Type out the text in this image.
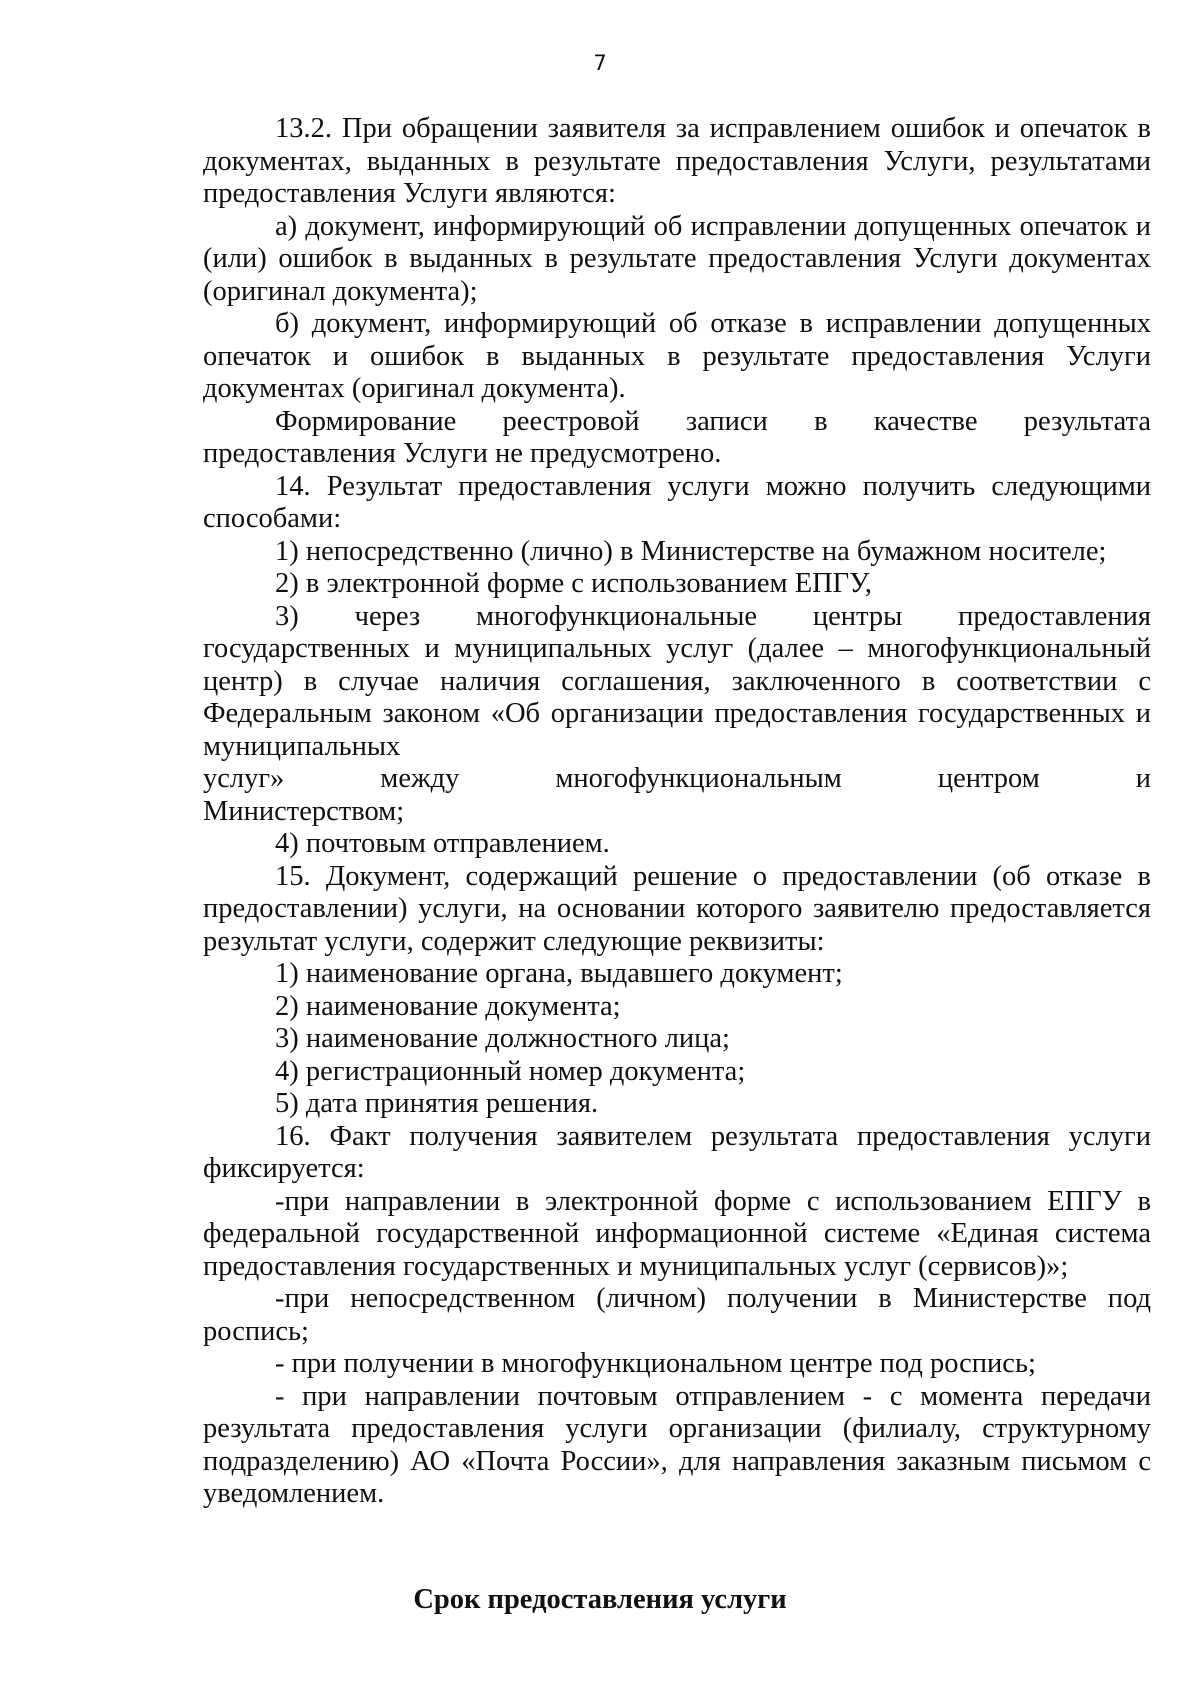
7

13.2. При обращении заявителя за исправлением ошибок и опечаток в документах, выданных в результате предоставления Услуги, результатами предоставления Услуги являются:

а) документ, информирующий об исправлении допущенных опечаток и (или) ошибок в выданных в результате предоставления Услуги документах (оригинал документа);

б) документ, информирующий об отказе в исправлении допущенных опечаток и ошибок в выданных в результате предоставления Услуги документах (оригинал документа).

Формирование реестровой записи в качестве результата предоставления Услуги не предусмотрено.

14. Результат предоставления услуги можно получить следующими способами:

1) непосредственно (лично) в Министерстве на бумажном носителе;

2) в электронной форме с использованием ЕПГУ,

3) через многофункциональные центры предоставления государственных и муниципальных услуг (далее – многофункциональный центр) в случае наличия соглашения, заключенного в соответствии с Федеральным законом «Об организации предоставления государственных и муниципальных
услуг» между многофункциональным центром и
Министерством;

4) почтовым отправлением.

15. Документ, содержащий решение о предоставлении (об отказе в предоставлении) услуги, на основании которого заявителю предоставляется результат услуги, содержит следующие реквизиты:

1) наименование органа, выдавшего документ;

2) наименование документа;

3) наименование должностного лица;

4) регистрационный номер документа;

5) дата принятия решения.

16. Факт получения заявителем результата предоставления услуги фиксируется:

-при направлении в электронной форме с использованием ЕПГУ в федеральной государственной информационной системе «Единая система предоставления государственных и муниципальных услуг (сервисов)»;

-при непосредственном (личном) получении в Министерстве под роспись;

- при получении в многофункциональном центре под роспись;

- при направлении почтовым отправлением - с момента передачи результата предоставления услуги организации (филиалу, структурному подразделению) АО «Почта России», для направления заказным письмом с уведомлением.

Срок предоставления услуги
